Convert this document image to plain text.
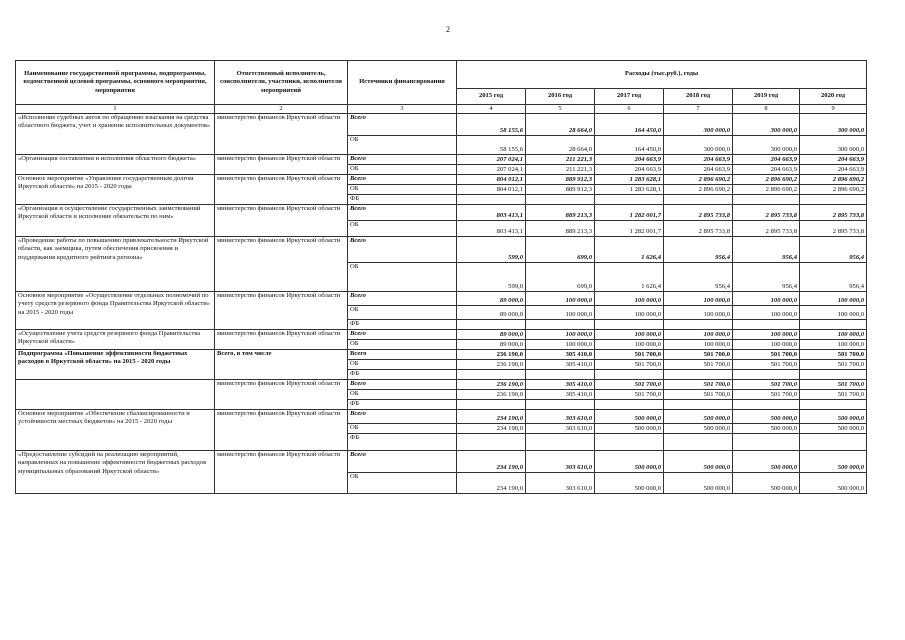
2
Наименование государственной программы, подпрограммы, ведомственной целевой программы, основного мероприятия, мероприятия	Ответственный исполнитель, соисполнители, участники, исполнители мероприятий	Источники финансирования	Расходы (тыс.руб.), годы					
			2015 год	2016 год	2017 год	2018 год	2019 год	2020 год
1	2	3	4	5	6	7	8	9
«Исполнение судебных актов по обращению взыскания на средства областного бюджета, учет и хранение исполнительных документов»	министерство финансов Иркутской области	Всего	58 155,6	28 664,0	164 450,0	300 000,0	300 000,0	300 000,0
		ОБ	58 155,6	28 664,0	164 450,0	300 000,0	300 000,0	300 000,0
«Организация составления и исполнения областного бюджета»	министерство финансов Иркутской области	Всего	207 024,1	211 221,3	204 663,9	204 663,9	204 663,9	204 663,9
		ОБ	207 024,1	211 221,3	204 663,9	204 663,9	204 663,9	204 663,9
Основное мероприятие «Управление государственным долгом Иркутской области» на 2015 - 2020 годы	министерство финансов Иркутской области	Всего	804 012,1	889 912,3	1 283 628,1	2 896 690,2	2 896 690,2	2 896 690,2
		ОБ	804 012,1	889 912,3	1 283 628,1	2 896 690,2	2 896 690,2	2 896 690,2
		ФБ						
«Организация и осуществление государственных заимствований Иркутской области и исполнение обязательств по ним»	министерство финансов Иркутской области	Всего	803 413,1	889 213,3	1 282 001,7	2 895 733,8	2 895 733,8	2 895 733,8
		ОБ	803 413,1	889 213,3	1 282 001,7	2 895 733,8	2 895 733,8	2 895 733,8
«Проведение работы по повышению привлекательности Иркутской области, как заемщика, путем обеспечения присвоения и поддержания кредитного рейтинга региона»	министерство финансов Иркутской области	Всего	599,0	699,0	1 626,4	956,4	956,4	956,4
		ОБ	599,0	699,0	1 626,4	956,4	956,4	956,4
Основное мероприятие «Осуществление отдельных полномочий по учету средств резервного фонда Правительства Иркутской области» на 2015 - 2020 годы	министерство финансов Иркутской области	Всего	89 000,0	100 000,0	100 000,0	100 000,0	100 000,0	100 000,0
		ОБ	89 000,0	100 000,0	100 000,0	100 000,0	100 000,0	100 000,0
		ФБ						
«Осуществление учета средств резервного фонда Правительства Иркутской области»	министерство финансов Иркутской области	Всего	89 000,0	100 000,0	100 000,0	100 000,0	100 000,0	100 000,0
		ОБ	89 000,0	100 000,0	100 000,0	100 000,0	100 000,0	100 000,0
Подпрограмма «Повышение эффективности бюджетных расходов в Иркутской области» на 2015 - 2020 годы	Всего, в том числе	Всего	236 190,0	305 410,0	501 700,0	501 700,0	501 700,0	501 700,0
		ОБ	236 190,0	305 410,0	501 700,0	501 700,0	501 700,0	501 700,0
		ФБ						
	министерство финансов Иркутской области	Всего	236 190,0	305 410,0	501 700,0	501 700,0	501 700,0	501 700,0
		ОБ	236 190,0	305 410,0	501 700,0	501 700,0	501 700,0	501 700,0
		ФБ						
Основное мероприятие «Обеспечение сбалансированности и устойчивости местных бюджетов» на 2015 - 2020 годы	министерство финансов Иркутской области	Всего	234 190,0	303 610,0	500 000,0	500 000,0	500 000,0	500 000,0
		ОБ	234 190,0	303 610,0	500 000,0	500 000,0	500 000,0	500 000,0
		ФБ						
«Предоставление субсидий на реализацию мероприятий, направленных на повышение эффективности бюджетных расходов муниципальных образований Иркутской области»	министерство финансов Иркутской области	Всего	234 190,0	303 610,0	500 000,0	500 000,0	500 000,0	500 000,0
		ОБ	234 190,0	303 610,0	500 000,0	500 000,0	500 000,0	500 000,0
